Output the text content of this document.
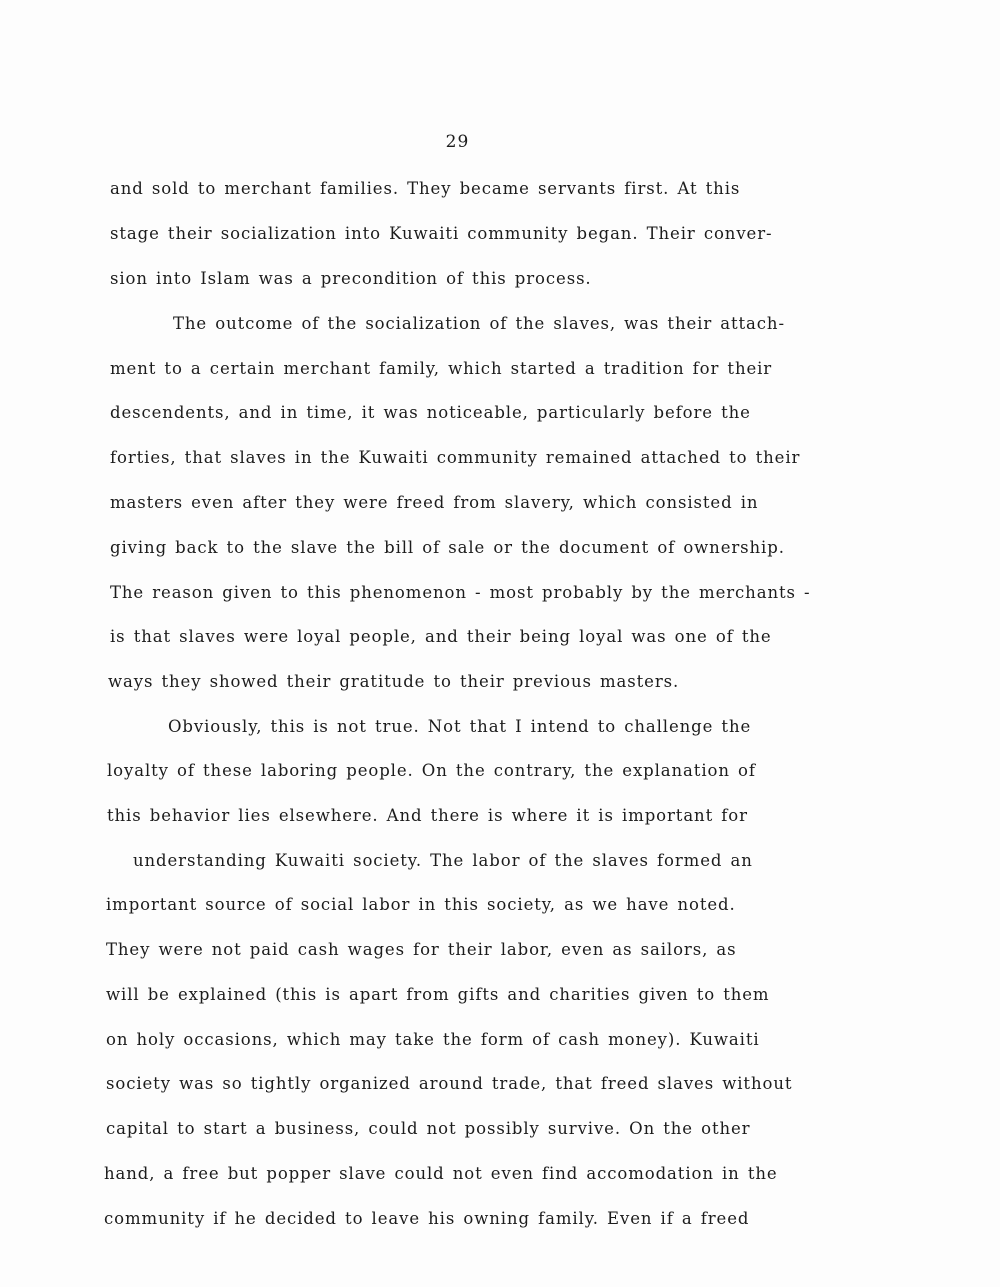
29

and sold to merchant families. They became servants first. At this

stage their socialization into Kuwaiti community began. Their conver-

sion into Islam was a precondition of this process.

The outcome of the socialization of the slaves, was their attach-

ment to a certain merchant family, which started a tradition for their

descendents, and in time, it was noticeable, particularly before the

forties, that slaves in the Kuwaiti community remained attached to their

masters even after they were freed from slavery, which consisted in

giving back to the slave the bill of sale or the document of ownership.

The reason given to this phenomenon - most probably by the merchants -

is that slaves were loyal people, and their being loyal was one of the

ways they showed their gratitude to their previous masters.

Obviously, this is not true. Not that I intend to challenge the

loyalty of these laboring people. On the contrary, the explanation of

this behavior lies elsewhere. And there is where it is important for

understanding Kuwaiti society. The labor of the slaves formed an

important source of social labor in this society, as we have noted.

They were not paid cash wages for their labor, even as sailors, as

will be explained (this is apart from gifts and charities given to them

on holy occasions, which may take the form of cash money). Kuwaiti

society was so tightly organized around trade, that freed slaves without

capital to start a business, could not possibly survive. On the other

hand, a free but popper slave could not even find accomodation in the

community if he decided to leave his owning family. Even if a freed
